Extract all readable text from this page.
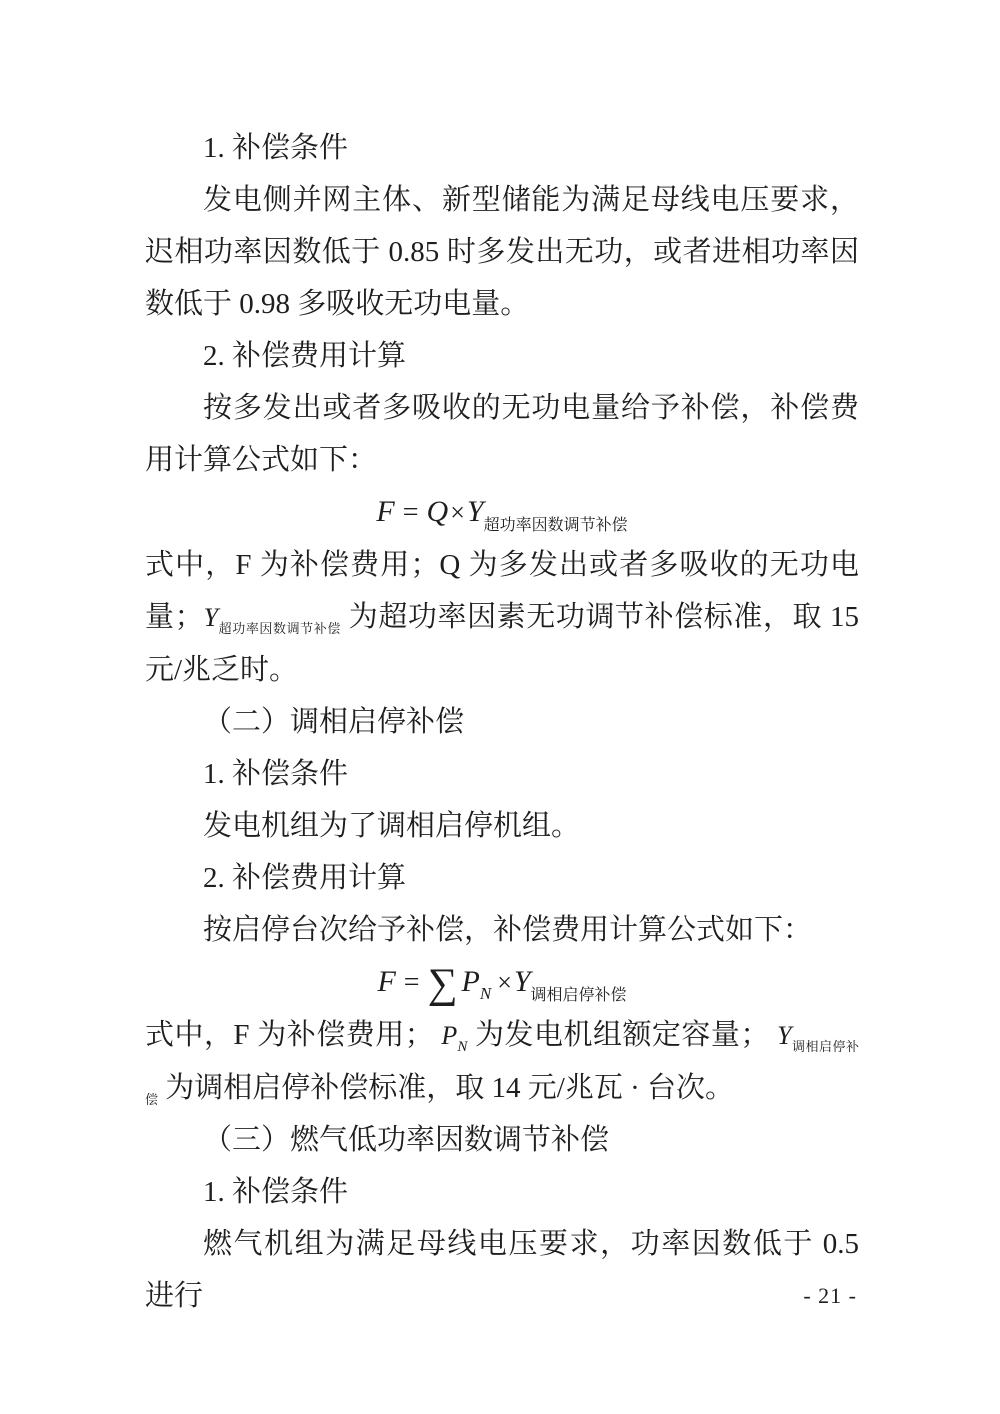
1. 补偿条件

发电侧并网主体、新型储能为满足母线电压要求，迟相功率因数低于 0.85 时多发出无功，或者进相功率因数低于 0.98 多吸收无功电量。

2. 补偿费用计算

按多发出或者多吸收的无功电量给予补偿，补偿费用计算公式如下：

$F = Q\times Y_{超功率因数调节补偿}$

式中，F 为补偿费用；Q 为多发出或者多吸收的无功电量；$Y_{超功率因数调节补偿}$ 为超功率因素无功调节补偿标准，取 15 元/兆乏时。

（二）调相启停补偿

1. 补偿条件

发电机组为了调相启停机组。

2. 补偿费用计算

按启停台次给予补偿，补偿费用计算公式如下：

F = ∑ $P_N \times Y_{调相启停补偿}$

式中，F 为补偿费用； $P_N$ 为发电机组额定容量； $Y_{调相启停补偿}$ 为调相启停补偿标准，取 14 元/兆瓦 · 台次。

（三）燃气低功率因数调节补偿

1. 补偿条件

燃气机组为满足母线电压要求，功率因数低于 0.5 进行	- 21 -
